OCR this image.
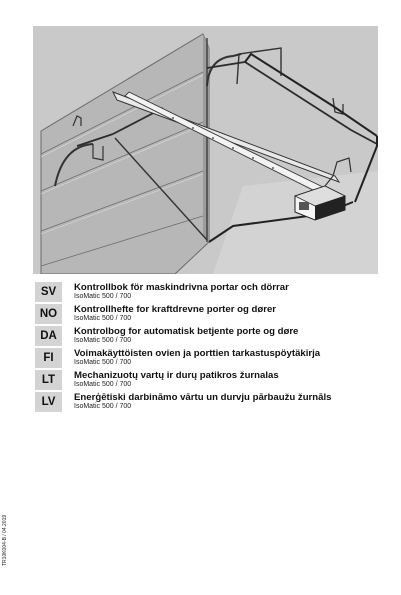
SV	Kontrollbok för maskindrivna portar och dörrar
IsoMatic 500 / 700
NO	Kontrollhefte for kraftdrevne porter og dører
IsoMatic 500 / 700
DA	Kontrolbog for automatisk betjente porte og døre
IsoMatic 500 / 700
FI	Voimakäyttöisten ovien ja porttien tarkastuspöytäkirja
IsoMatic 500 / 700
LT	Mechanizuotų vartų ir durų patikros žurnalas
IsoMatic 500 / 700
LV	Enerģētiski darbināmo vārtu un durvju pārbaužu žurnāls
IsoMatic 500 / 700
TR10K004-B / 04.2019
